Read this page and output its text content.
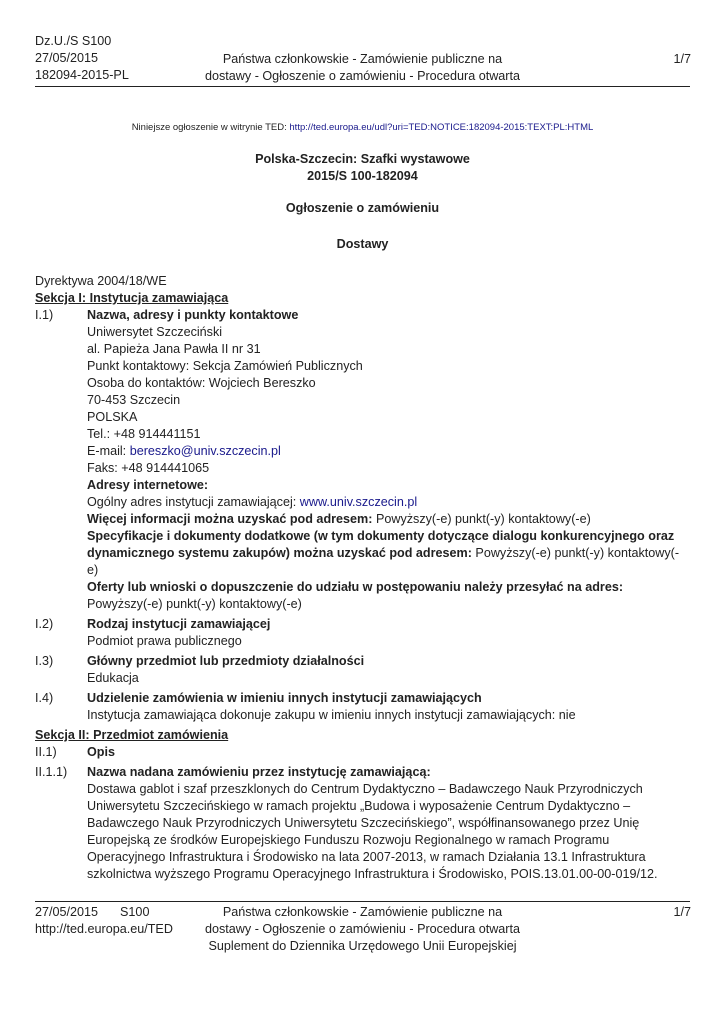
Dz.U./S S100
27/05/2015
182094-2015-PL
Państwa członkowskie - Zamówienie publiczne na
dostawy - Ogłoszenie o zamówieniu - Procedura otwarta
1/7
Niniejsze ogłoszenie w witrynie TED: http://ted.europa.eu/udl?uri=TED:NOTICE:182094-2015:TEXT:PL:HTML
Polska-Szczecin: Szafki wystawowe
2015/S 100-182094
Ogłoszenie o zamówieniu
Dostawy
Dyrektywa 2004/18/WE
Sekcja I: Instytucja zamawiająca
I.1)	Nazwa, adresy i punkty kontaktowe
Uniwersytet Szczeciński
al. Papieża Jana Pawła II nr 31
Punkt kontaktowy: Sekcja Zamówień Publicznych
Osoba do kontaktów: Wojciech Bereszko
70-453 Szczecin
POLSKA
Tel.: +48 914441151
E-mail: bereszko@univ.szczecin.pl
Faks: +48 914441065
Adresy internetowe:
Ogólny adres instytucji zamawiającej: www.univ.szczecin.pl
Więcej informacji można uzyskać pod adresem: Powyższy(-e) punkt(-y) kontaktowy(-e)
Specyfikacje i dokumenty dodatkowe (w tym dokumenty dotyczące dialogu konkurencyjnego oraz dynamicznego systemu zakupów) można uzyskać pod adresem: Powyższy(-e) punkt(-y) kontaktowy(-e)
Oferty lub wnioski o dopuszczenie do udziału w postępowaniu należy przesyłać na adres: Powyższy(-e) punkt(-y) kontaktowy(-e)
I.2)	Rodzaj instytucji zamawiającej
Podmiot prawa publicznego
I.3)	Główny przedmiot lub przedmioty działalności
Edukacja
I.4)	Udzielenie zamówienia w imieniu innych instytucji zamawiających
Instytucja zamawiająca dokonuje zakupu w imieniu innych instytucji zamawiających: nie
Sekcja II: Przedmiot zamówienia
II.1)	Opis
II.1.1)	Nazwa nadana zamówieniu przez instytucję zamawiającą:
Dostawa gablot i szaf przeszklonych do Centrum Dydaktyczno – Badawczego Nauk Przyrodniczych Uniwersytetu Szczecińskiego w ramach projektu „Budowa i wyposażenie Centrum Dydaktyczno – Badawczego Nauk Przyrodniczych Uniwersytetu Szczecińskiego”, współfinansowanego przez Unię Europejską ze środków Europejskiego Funduszu Rozwoju Regionalnego w ramach Programu Operacyjnego Infrastruktura i Środowisko na lata 2007-2013, w ramach Działania 13.1 Infrastruktura szkolnictwa wyższego Programu Operacyjnego Infrastruktura i Środowisko, POIS.13.01.00-00-019/12.
27/05/2015 S100
http://ted.europa.eu/TED
Państwa członkowskie - Zamówienie publiczne na
dostawy - Ogłoszenie o zamówieniu - Procedura otwarta
Suplement do Dziennika Urzędowego Unii Europejskiej
1/7
